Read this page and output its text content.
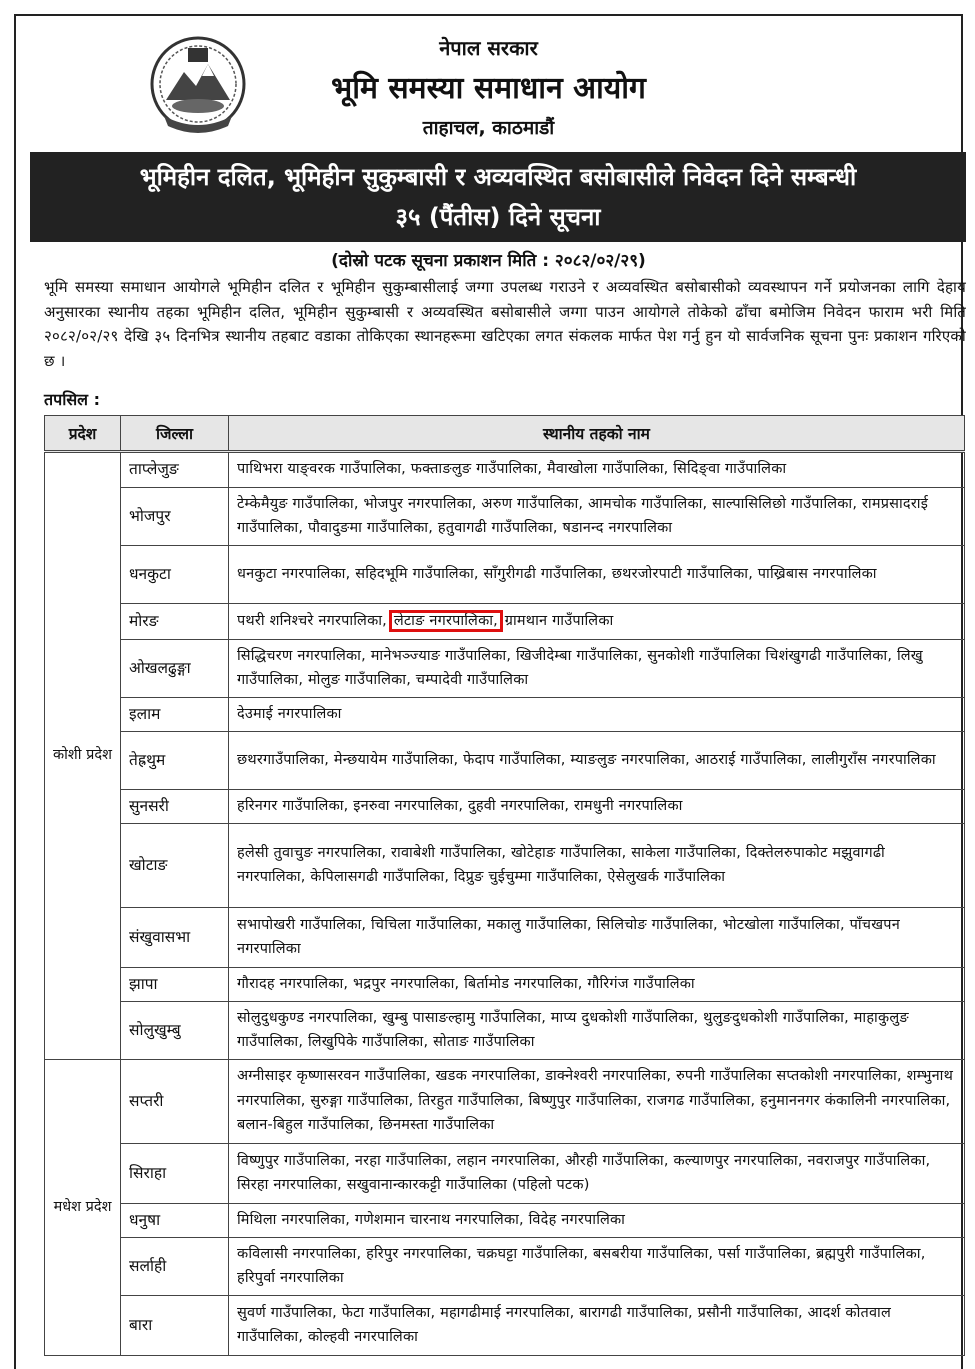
नेपाल सरकार
भूमि समस्या समाधान आयोग
ताहाचल, काठमाडौं
भूमिहीन दलित, भूमिहीन सुकुम्बासी र अव्यवस्थित बसोबासीले निवेदन दिने सम्बन्धी
३५ (पैंतीस) दिने सूचना
(दोस्रो पटक सूचना प्रकाशन मिति : २०८२/०२/२९)
भूमि समस्या समाधान आयोगले भूमिहीन दलित र भूमिहीन सुकुम्बासीलाई जग्गा उपलब्ध गराउने र अव्यवस्थित बसोबासीको व्यवस्थापन गर्ने प्रयोजनका लागि देहाय अनुसारका स्थानीय तहका भूमिहीन दलित, भूमिहीन सुकुम्बासी र अव्यवस्थित बसोबासीले जग्गा पाउन आयोगले तोकेको ढाँचा बमोजिम निवेदन फाराम भरी मिति २०८२/०२/२९ देखि ३५ दिनभित्र स्थानीय तहबाट वडाका तोकिएका स्थानहरूमा खटिएका लगत संकलक मार्फत पेश गर्नु हुन यो सार्वजनिक सूचना पुनः प्रकाशन गरिएको छ ।
तपसिल :
प्रदेश	जिल्ला	स्थानीय तहको नाम
कोशी प्रदेश	ताप्लेजुङ	पाथिभरा याङ्वरक गाउँपालिका, फक्ताङलुङ गाउँपालिका, मैवाखोला गाउँपालिका, सिदिङ्वा गाउँपालिका
	भोजपुर	टेम्केमैयुङ गाउँपालिका, भोजपुर नगरपालिका, अरुण गाउँपालिका, आमचोक गाउँपालिका, साल्पासिलिछो गाउँपालिका, रामप्रसादराई गाउँपालिका, पौवादुङमा गाउँपालिका, हतुवागढी गाउँपालिका, षडानन्द नगरपालिका
	धनकुटा	धनकुटा नगरपालिका, सहिदभूमि गाउँपालिका, साँगुरीगढी गाउँपालिका, छथरजोरपाटी गाउँपालिका, पाख्रिबास नगरपालिका
	मोरङ	पथरी शनिश्चरे नगरपालिका, लेटाङ नगरपालिका, ग्रामथान गाउँपालिका
	ओखलढुङ्गा	सिद्धिचरण नगरपालिका, मानेभञ्ज्याङ गाउँपालिका, खिजीदेम्बा गाउँपालिका, सुनकोशी गाउँपालिका चिशंखुगढी गाउँपालिका, लिखु गाउँपालिका, मोलुङ गाउँपालिका, चम्पादेवी गाउँपालिका
	इलाम	देउमाई नगरपालिका
	तेह्रथुम	छथरगाउँपालिका, मेन्छयायेम गाउँपालिका, फेदाप गाउँपालिका, म्याङलुङ नगरपालिका, आठराई गाउँपालिका, लालीगुराँस नगरपालिका
	सुनसरी	हरिनगर गाउँपालिका, इनरुवा नगरपालिका, दुहवी नगरपालिका, रामधुनी नगरपालिका
	खोटाङ	हलेसी तुवाचुङ नगरपालिका, रावाबेशी गाउँपालिका, खोटेहाङ गाउँपालिका, साकेला गाउँपालिका, दिक्तेलरुपाकोट मझुवागढी नगरपालिका, केपिलासगढी गाउँपालिका, दिप्रुङ चुईचुम्मा गाउँपालिका, ऐसेलुखर्क गाउँपालिका
	संखुवासभा	सभापोखरी गाउँपालिका, चिचिला गाउँपालिका, मकालु गाउँपालिका, सिलिचोङ गाउँपालिका, भोटखोला गाउँपालिका, पाँचखपन नगरपालिका
	झापा	गौरादह नगरपालिका, भद्रपुर नगरपालिका, बिर्तामोड नगरपालिका, गौरिगंज गाउँपालिका
	सोलुखुम्बु	सोलुदुधकुण्ड नगरपालिका, खुम्बु पासाङल्हामु गाउँपालिका, माप्य दुधकोशी गाउँपालिका, थुलुङदुधकोशी गाउँपालिका, माहाकुलुङ गाउँपालिका, लिखुपिके गाउँपालिका, सोताङ गाउँपालिका
मधेश प्रदेश	सप्तरी	अग्नीसाइर कृष्णासरवन गाउँपालिका, खडक नगरपालिका, डाक्नेश्वरी नगरपालिका, रुपनी गाउँपालिका सप्तकोशी नगरपालिका, शम्भुनाथ नगरपालिका, सुरुङ्गा गाउँपालिका, तिरहुत गाउँपालिका, बिष्णुपुर गाउँपालिका, राजगढ गाउँपालिका, हनुमाननगर कंकालिनी नगरपालिका, बलान-बिहुल गाउँपालिका, छिनमस्ता गाउँपालिका
	सिराहा	विष्णुपुर गाउँपालिका, नरहा गाउँपालिका, लहान नगरपालिका, औरही गाउँपालिका, कल्याणपुर नगरपालिका, नवराजपुर गाउँपालिका, सिरहा नगरपालिका, सखुवानान्कारकट्टी गाउँपालिका (पहिलो पटक)
	धनुषा	मिथिला नगरपालिका, गणेशमान चारनाथ नगरपालिका, विदेह नगरपालिका
	सर्लाही	कविलासी नगरपालिका, हरिपुर नगरपालिका, चक्रघट्टा गाउँपालिका, बसबरीया गाउँपालिका, पर्सा गाउँपालिका, ब्रह्मपुरी गाउँपालिका, हरिपुर्वा नगरपालिका
	बारा	सुवर्ण गाउँपालिका, फेटा गाउँपालिका, महागढीमाई नगरपालिका, बारागढी गाउँपालिका, प्रसौनी गाउँपालिका, आदर्श कोतवाल गाउँपालिका, कोल्हवी नगरपालिका
